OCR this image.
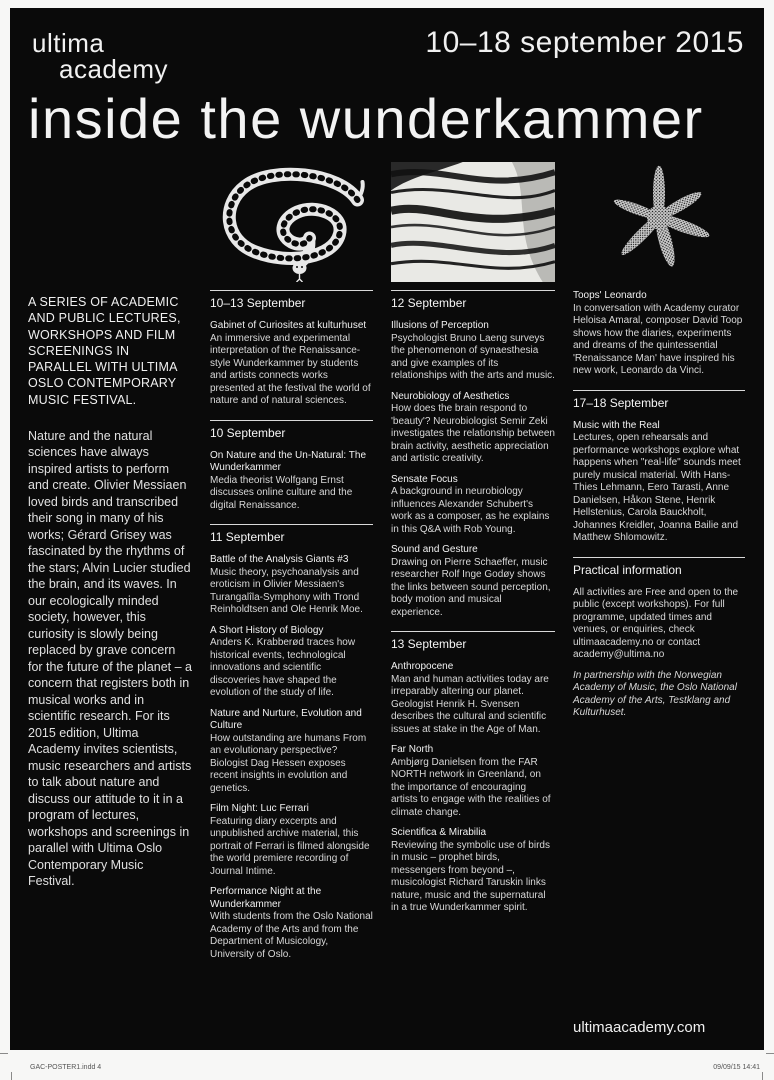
ultima
academy
10–18 september 2015
inside the wunderkammer

A SERIES OF ACADEMIC AND PUBLIC LECTURES, WORKSHOPS AND FILM SCREENINGS IN PARALLEL WITH ULTIMA OSLO CONTEMPORARY MUSIC FESTIVAL.

Nature and the natural sciences have always inspired artists to perform and create. Olivier Messiaen loved birds and transcribed their song in many of his works; Gérard Grisey was fascinated by the rhythms of the stars; Alvin Lucier studied the brain, and its waves. In our ecologically minded society, however, this curiosity is slowly being replaced by grave concern for the future of the planet – a concern that registers both in musical works and in scientific research. For its 2015 edition, Ultima Academy invites scientists, music researchers and artists to talk about nature and discuss our attitude to it in a program of lectures, workshops and screenings in parallel with Ultima Oslo Contemporary Music Festival.

10–13 September
Gabinet of Curiosites at kulturhuset
An immersive and experimental interpretation of the Renaissance-style Wunderkammer by students and artists connects works presented at the festival the world of nature and of natural sciences.
10 September
On Nature and the Un-Natural: The Wunderkammer
Media theorist Wolfgang Ernst discusses online culture and the digital Renaissance.
11 September
Battle of the Analysis Giants #3
Music theory, psychoanalysis and eroticism in Olivier Messiaen's Turangalîla-Symphony with Trond Reinholdtsen and Ole Henrik Moe.
A Short History of Biology
Anders K. Krabberød traces how historical events, technological innovations and scientific discoveries have shaped the evolution of the study of life.
Nature and Nurture, Evolution and Culture
How outstanding are humans From an evolutionary perspective? Biologist Dag Hessen exposes recent insights in evolution and genetics.
Film Night: Luc Ferrari
Featuring diary excerpts and unpublished archive material, this portrait of Ferrari is filmed alongside the world premiere recording of Journal Intime.
Performance Night at the Wunderkammer
With students from the Oslo National Academy of the Arts and from the Department of Musicology, University of Oslo.
12 September
Illusions of Perception
Psychologist Bruno Laeng surveys the phenomenon of synaesthesia and give examples of its relationships with the arts and music.
Neurobiology of Aesthetics
How does the brain respond to 'beauty'? Neurobiologist Semir Zeki investigates the relationship between brain activity, aesthetic appreciation and artistic creativity.
Sensate Focus
A background in neurobiology influences Alexander Schubert's work as a composer, as he explains in this Q&A with Rob Young.
Sound and Gesture
Drawing on Pierre Schaeffer, music researcher Rolf Inge Godøy shows the links between sound perception, body motion and musical experience.
13 September
Anthropocene
Man and human activities today are irreparably altering our planet. Geologist Henrik H. Svensen describes the cultural and scientific issues at stake in the Age of Man.
Far North
Ambjørg Danielsen from the FAR NORTH network in Greenland, on the importance of encouraging artists to engage with the realities of climate change.
Scientifica & Mirabilia
Reviewing the symbolic use of birds in music – prophet birds, messengers from beyond –, musicologist Richard Taruskin links nature, music and the supernatural in a true Wunderkammer spirit.
Toops' Leonardo
In conversation with Academy curator Heloisa Amaral, composer David Toop shows how the diaries, experiments and dreams of the quintessential 'Renaissance Man' have inspired his new work, Leonardo da Vinci.
17–18 September
Music with the Real
Lectures, open rehearsals and performance workshops explore what happens when "real-life" sounds meet purely musical material. With Hans-Thies Lehmann, Eero Tarasti, Anne Danielsen, Håkon Stene, Henrik Hellstenius, Carola Bauckholt, Johannes Kreidler, Joanna Bailie and Matthew Shlomowitz.
Practical information
All activities are Free and open to the public (except workshops). For full programme, updated times and venues, or enquiries, check ultimaacademy.no or contact academy@ultima.no
In partnership with the Norwegian Academy of Music, the Oslo National Academy of the Arts, Testklang and Kulturhuset.
ultimaacademy.com
GAC-POSTER1.indd 4	09/09/15 14:41
